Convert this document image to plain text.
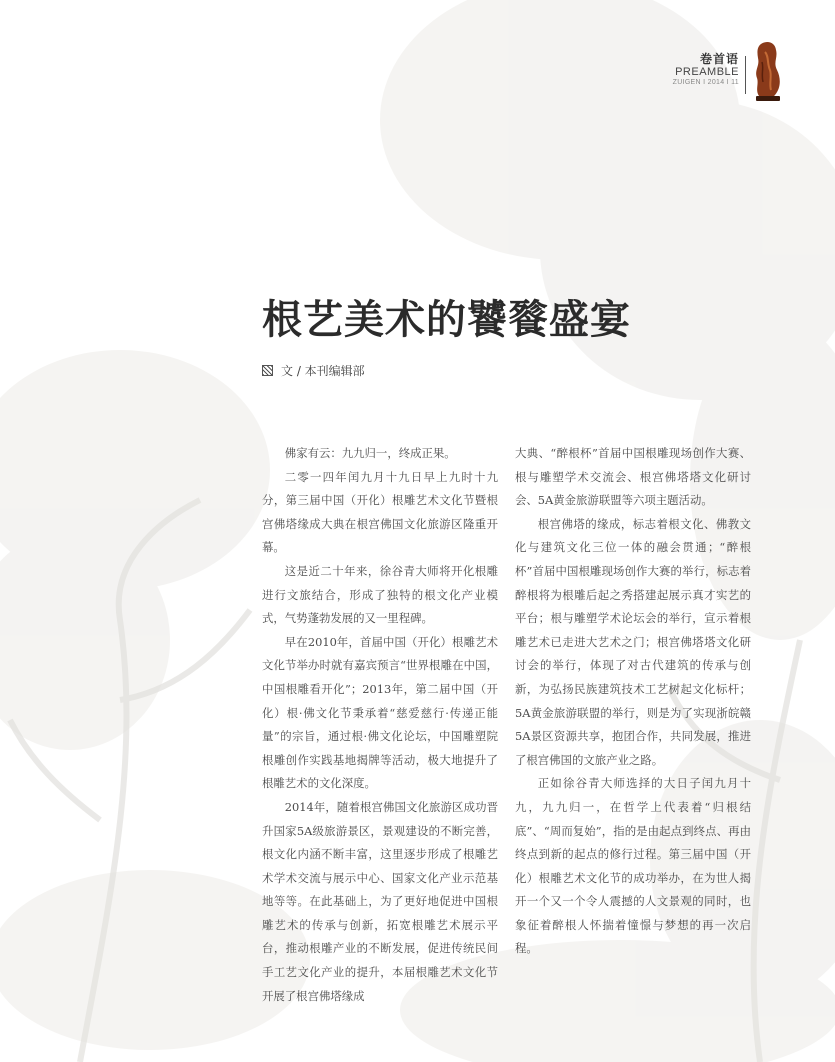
卷首语
PREAMBLE
ZUIGEN I 2014 I 11
根艺美术的饕餮盛宴
文 / 本刊编辑部

佛家有云：九九归一，终成正果。

二零一四年闰九月十九日早上九时十九分，第三届中国（开化）根雕艺术文化节暨根宫佛塔缘成大典在根宫佛国文化旅游区隆重开幕。

这是近二十年来，徐谷青大师将开化根雕进行文旅结合，形成了独特的根文化产业模式，气势蓬勃发展的又一里程碑。

早在2010年，首届中国（开化）根雕艺术文化节举办时就有嘉宾预言“世界根雕在中国，中国根雕看开化”；2013年，第二届中国（开化）根·佛文化节秉承着“慈爱慈行·传递正能量”的宗旨，通过根·佛文化论坛，中国雕塑院根雕创作实践基地揭牌等活动，极大地提升了根雕艺术的文化深度。

2014年，随着根宫佛国文化旅游区成功晋升国家5A级旅游景区，景观建设的不断完善，根文化内涵不断丰富，这里逐步形成了根雕艺术学术交流与展示中心、国家文化产业示范基地等等。在此基础上，为了更好地促进中国根雕艺术的传承与创新，拓宽根雕艺术展示平台，推动根雕产业的不断发展，促进传统民间手工艺文化产业的提升，本届根雕艺术文化节开展了根宫佛塔缘成

大典、“醉根杯”首届中国根雕现场创作大赛、根与雕塑学术交流会、根宫佛塔塔文化研讨会、5A黄金旅游联盟等六项主题活动。

根宫佛塔的缘成，标志着根文化、佛教文化与建筑文化三位一体的融会贯通；“醉根杯”首届中国根雕现场创作大赛的举行，标志着醉根将为根雕后起之秀搭建起展示真才实艺的平台；根与雕塑学术论坛会的举行，宣示着根雕艺术已走进大艺术之门；根宫佛塔塔文化研讨会的举行，体现了对古代建筑的传承与创新，为弘扬民族建筑技术工艺树起文化标杆；5A黄金旅游联盟的举行，则是为了实现浙皖赣5A景区资源共享，抱团合作，共同发展，推进了根宫佛国的文旅产业之路。

正如徐谷青大师选择的大日子闰九月十九，九九归一，在哲学上代表着“归根结底”、“周而复始”，指的是由起点到终点、再由终点到新的起点的修行过程。第三届中国（开化）根雕艺术文化节的成功举办，在为世人揭开一个又一个令人震撼的人文景观的同时，也象征着醉根人怀揣着憧憬与梦想的再一次启程。
